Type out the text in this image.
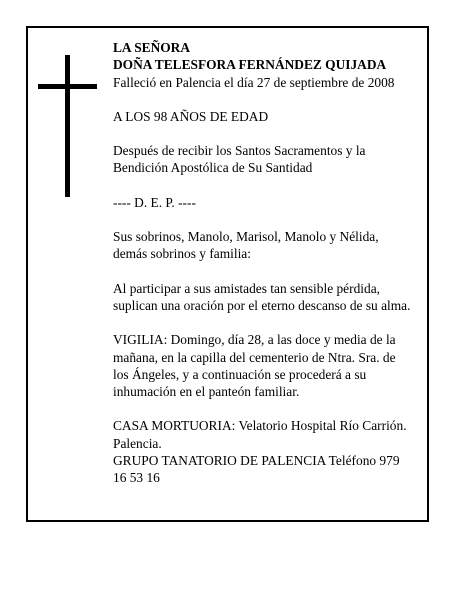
LA SEÑORA

DOÑA TELESFORA FERNÁNDEZ QUIJADA

Falleció en Palencia el día 27 de septiembre de 2008

A LOS 98 AÑOS DE EDAD

Después de recibir los Santos Sacramentos y la Bendición Apostólica de Su Santidad

---- D. E. P. ----

Sus sobrinos, Manolo, Marisol, Manolo y Nélida, demás sobrinos y familia:

Al participar a sus amistades tan sensible pérdida, suplican una oración por el eterno descanso de su alma.

VIGILIA: Domingo, día 28, a las doce y media de la mañana, en la capilla del cementerio de Ntra. Sra. de los Ángeles, y a continuación se procederá a su inhumación en el panteón familiar.

CASA MORTUORIA: Velatorio Hospital Río Carrión. Palencia.

GRUPO TANATORIO DE PALENCIA Teléfono 979 16 53 16
